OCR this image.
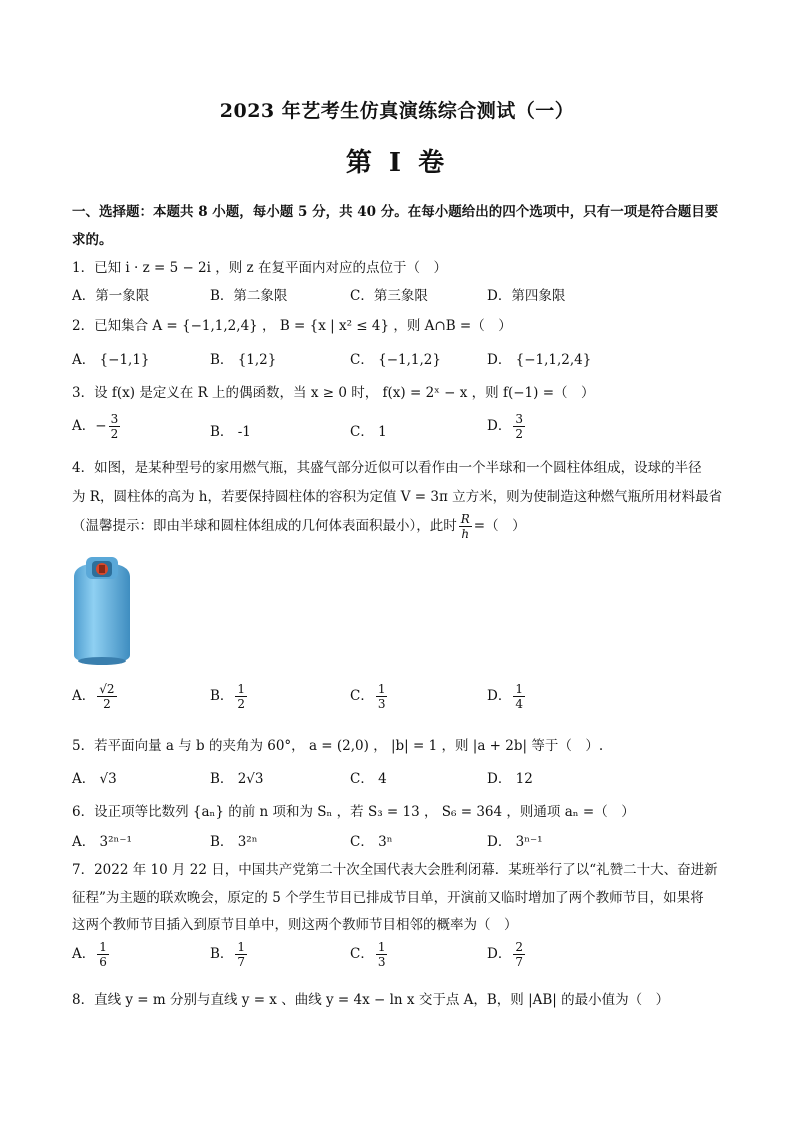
2023 年艺考生仿真演练综合测试（一）
第 I 卷
一、选择题：本题共 8 小题，每小题 5 分，共 40 分。在每小题给出的四个选项中，只有一项是符合题目要
求的。
1．已知 i · z = 5 − 2i ，则 z 在复平面内对应的点位于（　）
A．第一象限	B．第二象限	C．第三象限	D．第四象限
2．已知集合 A = {−1,1,2,4} ， B = {x | x² ≤ 4} ，则 A∩B =（　）
A． {−1,1}	B． {1,2}	C． {−1,1,2}	D． {−1,1,2,4}
3．设 f(x) 是定义在 R 上的偶函数，当 x ≥ 0 时， f(x) = 2ˣ − x ，则 f(−1) =（　）
A．− $\frac{3}{2}$	B． -1	C． 1	D． $\frac{3}{2}$
4．如图，是某种型号的家用燃气瓶，其盛气部分近似可以看作由一个半球和一个圆柱体组成，设球的半径
为 R，圆柱体的高为 h，若要保持圆柱体的容积为定值 V = 3π 立方米，则为使制造这种燃气瓶所用材料最省
（温馨提示：即由半球和圆柱体组成的几何体表面积最小），此时 $\frac{R}{h}$ =（　）
A． $\frac{√2}{2}$	B． $\frac{1}{2}$	C． $\frac{1}{3}$	D． $\frac{1}{4}$
5．若平面向量 a 与 b 的夹角为 60°， a = (2,0) ， |b| = 1 ，则 |a + 2b| 等于（　）.
A． √3	B． 2√3	C． 4	D． 12
6．设正项等比数列 {aₙ} 的前 n 项和为 Sₙ ，若 S₃ = 13 ， S₆ = 364 ，则通项 aₙ =（　）
A． 3²ⁿ⁻¹	B． 3²ⁿ	C． 3ⁿ	D． 3ⁿ⁻¹
7．2022 年 10 月 22 日，中国共产党第二十次全国代表大会胜利闭幕．某班举行了以“礼赞二十大、奋进新
征程”为主题的联欢晚会，原定的 5 个学生节目已排成节目单，开演前又临时增加了两个教师节目，如果将
这两个教师节目插入到原节目单中，则这两个教师节目相邻的概率为（　）
A． $\frac{1}{6}$	B． $\frac{1}{7}$	C． $\frac{1}{3}$	D． $\frac{2}{7}$
8．直线 y = m 分别与直线 y = x 、曲线 y = 4x − ln x 交于点 A，B，则 |AB| 的最小值为（　）
